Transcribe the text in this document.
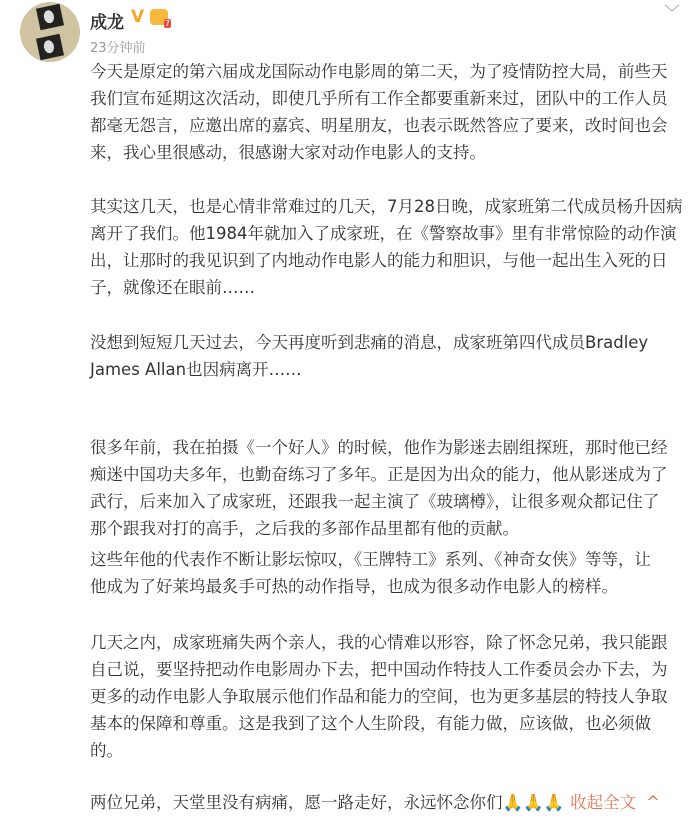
成龙 V
7
23分钟前
﹀
今天是原定的第六届成龙国际动作电影周的第二天，为了疫情防控大局，前些天
我们宣布延期这次活动，即使几乎所有工作全都要重新来过，团队中的工作人员
都毫无怨言，应邀出席的嘉宾、明星朋友，也表示既然答应了要来，改时间也会
来，我心里很感动，很感谢大家对动作电影人的支持。
其实这几天，也是心情非常难过的几天，7月28日晚，成家班第二代成员杨升因病
离开了我们。他1984年就加入了成家班，在《警察故事》里有非常惊险的动作演
出，让那时的我见识到了内地动作电影人的能力和胆识，与他一起出生入死的日
子，就像还在眼前……
没想到短短几天过去，今天再度听到悲痛的消息，成家班第四代成员Bradley
James Allan也因病离开……
很多年前，我在拍摄《一个好人》的时候，他作为影迷去剧组探班，那时他已经
痴迷中国功夫多年，也勤奋练习了多年。正是因为出众的能力，他从影迷成为了
武行，后来加入了成家班，还跟我一起主演了《玻璃樽》，让很多观众都记住了
那个跟我对打的高手，之后我的多部作品里都有他的贡献。
这些年他的代表作不断让影坛惊叹，《王牌特工》系列、《神奇女侠》等等，让
他成为了好莱坞最炙手可热的动作指导，也成为很多动作电影人的榜样。
几天之内，成家班痛失两个亲人，我的心情难以形容，除了怀念兄弟，我只能跟
自己说，要坚持把动作电影周办下去，把中国动作特技人工作委员会办下去，为
更多的动作电影人争取展示他们作品和能力的空间，也为更多基层的特技人争取
基本的保障和尊重。这是我到了这个人生阶段，有能力做，应该做，也必须做
的。
两位兄弟，天堂里没有病痛，愿一路走好，永远怀念你们🙏🙏🙏 收起全文 ^
